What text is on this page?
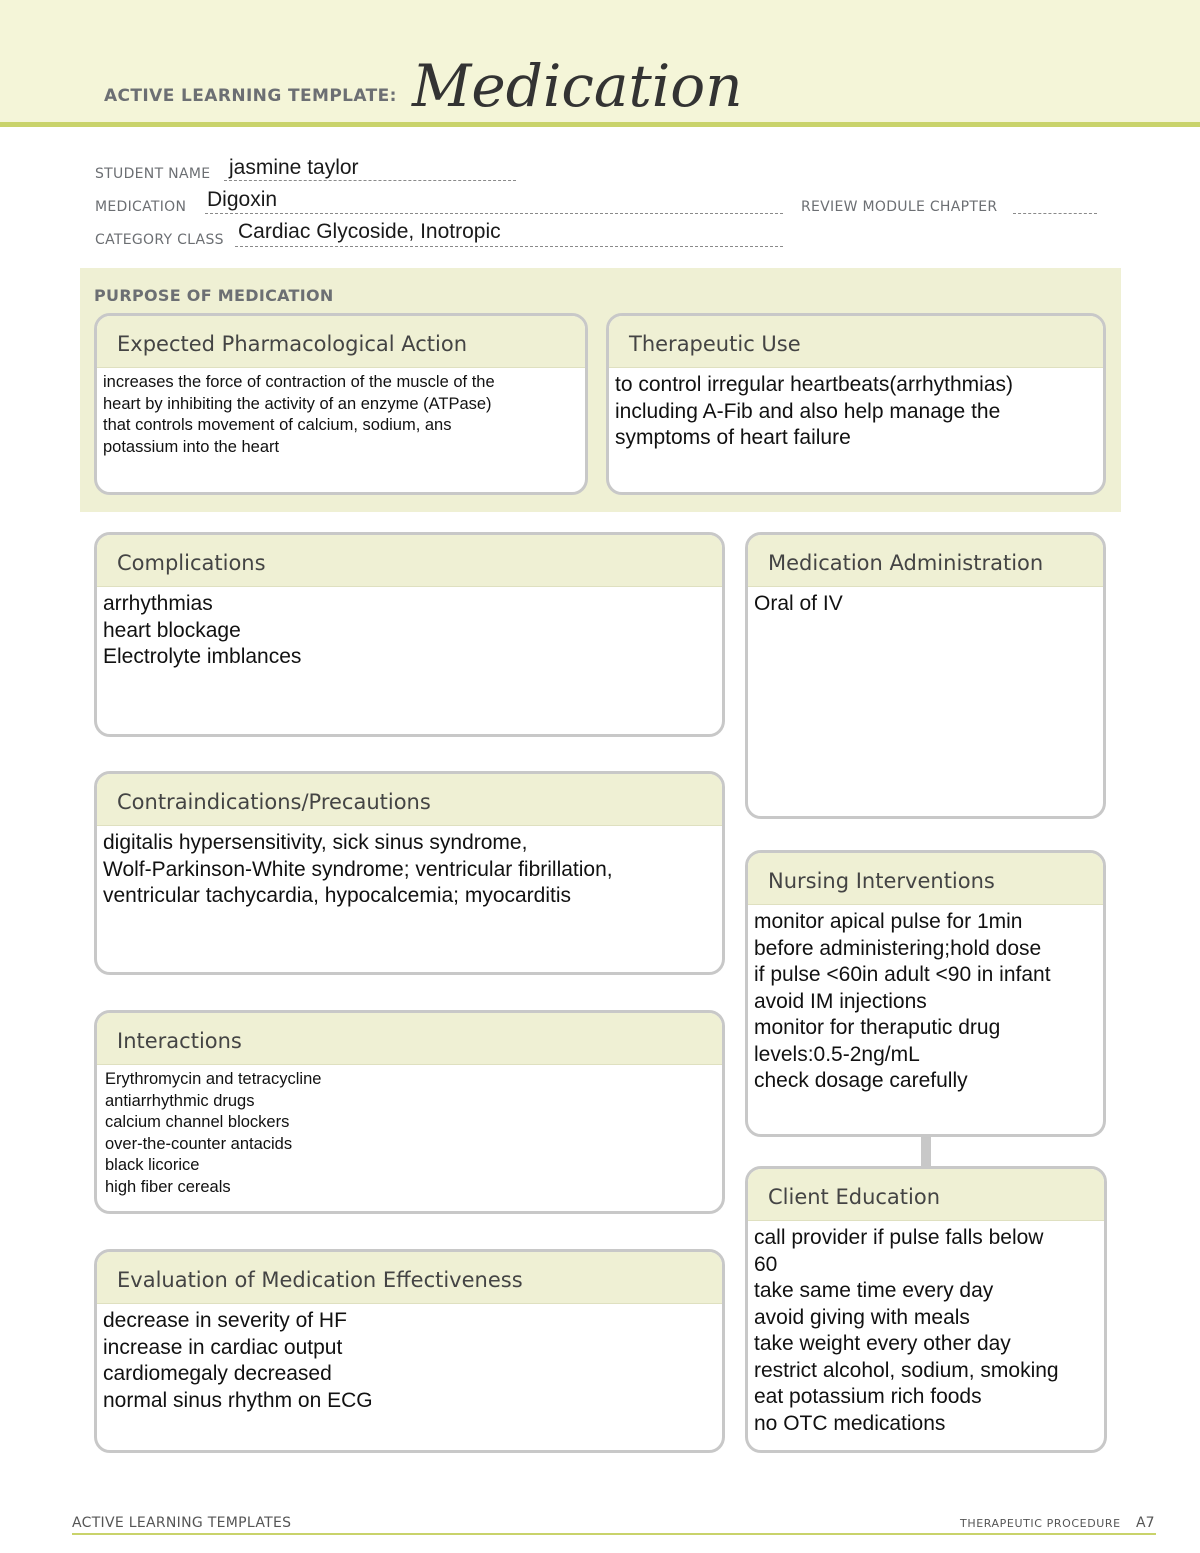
ACTIVE LEARNING TEMPLATE: Medication
STUDENT NAME jasmine taylor
MEDICATION Digoxin	REVIEW MODULE CHAPTER
CATEGORY CLASS Cardiac Glycoside, Inotropic
PURPOSE OF MEDICATION
Expected Pharmacological Action
increases the force of contraction of the muscle of the
heart by inhibiting the activity of an enzyme (ATPase)
that controls movement of calcium, sodium, ans
potassium into the heart
Therapeutic Use
to control irregular heartbeats(arrhythmias)
including A-Fib and also help manage the
symptoms of heart failure
Complications
arrhythmias
heart blockage
Electrolyte imblances
Contraindications/Precautions
digitalis hypersensitivity, sick sinus syndrome,
Wolf-Parkinson-White syndrome; ventricular fibrillation,
ventricular tachycardia, hypocalcemia; myocarditis
Interactions
Erythromycin and tetracycline
antiarrhythmic drugs
calcium channel blockers
over-the-counter antacids
black licorice
high fiber cereals
Evaluation of Medication Effectiveness
decrease in severity of HF
increase in cardiac output
cardiomegaly decreased
normal sinus rhythm on ECG
Medication Administration
Oral of IV
Nursing Interventions
monitor apical pulse for 1min
before administering;hold dose
if pulse <60in adult <90 in infant
avoid IM injections
monitor for theraputic drug
levels:0.5-2ng/mL
check dosage carefully
Client Education
call provider if pulse falls below
60
take same time every day
avoid giving with meals
take weight every other day
restrict alcohol, sodium, smoking
eat potassium rich foods
no OTC medications
ACTIVE LEARNING TEMPLATES	THERAPEUTIC PROCEDURE A7
